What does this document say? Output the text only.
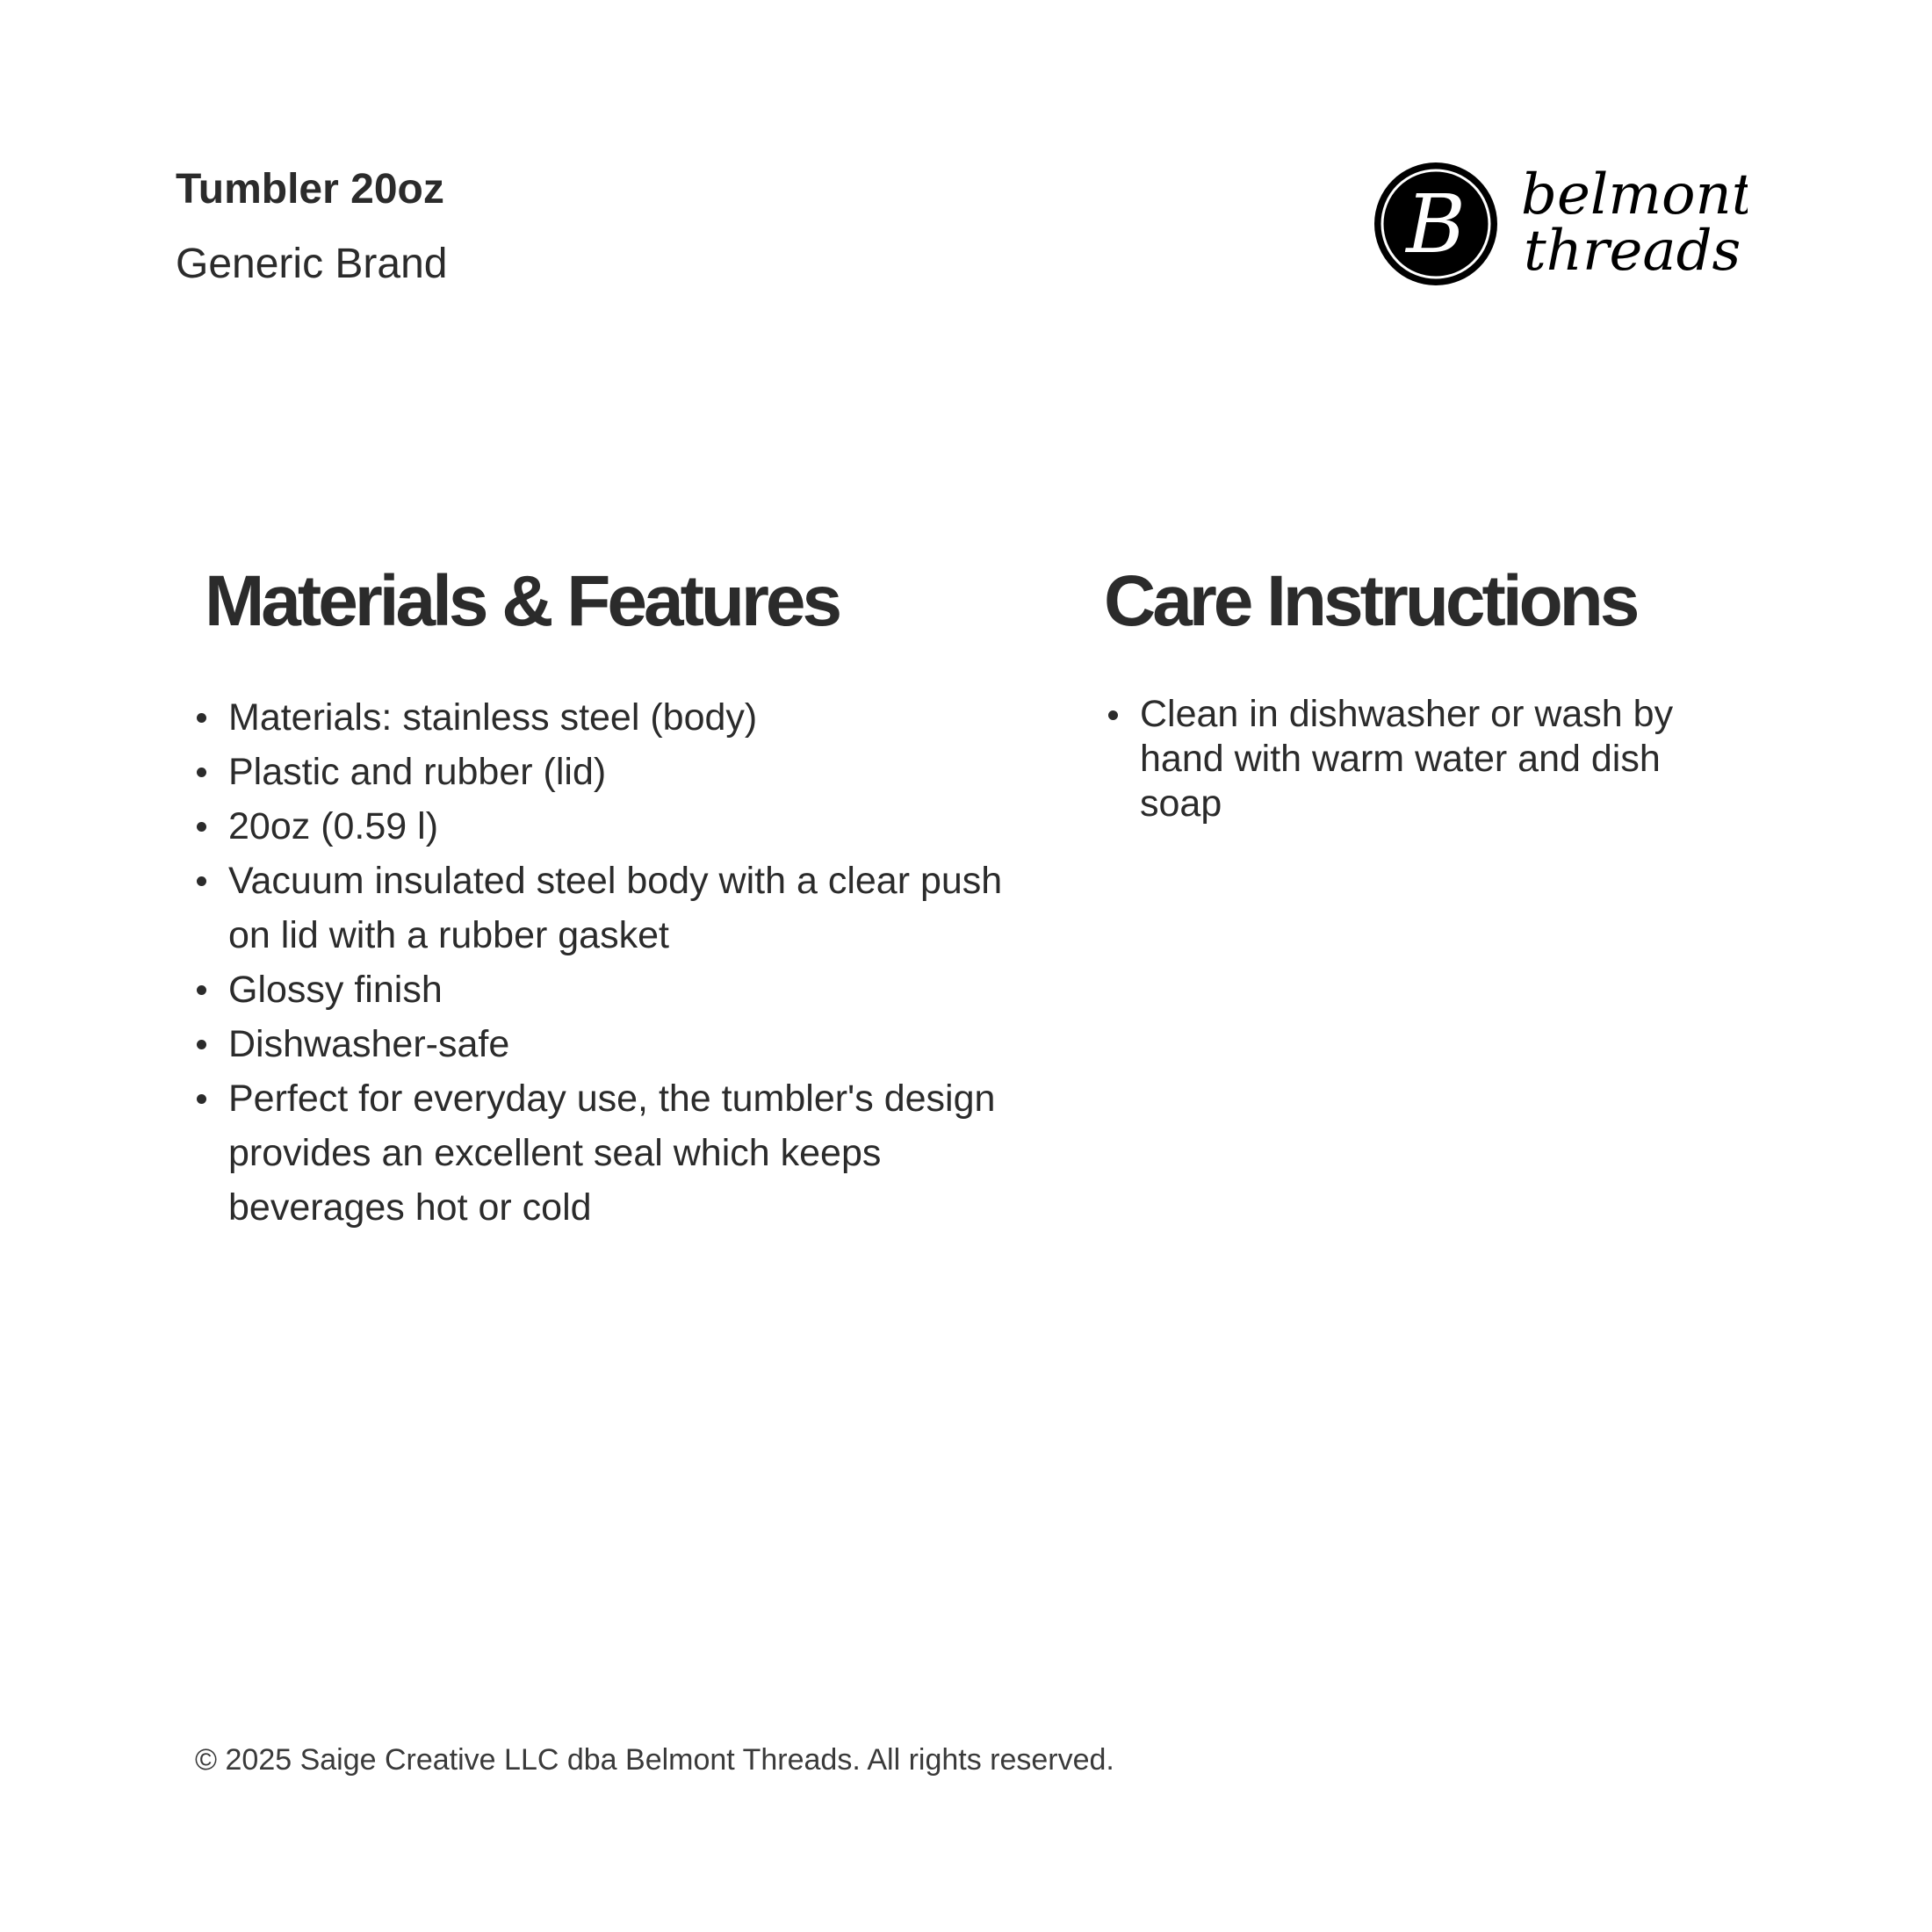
Tumbler 20oz

Generic Brand	B belmont
threads
Materials & Features
Materials: stainless steel (body)
Plastic and rubber (lid)
20oz (0.59 l)
Vacuum insulated steel body with a clear push on lid with a rubber gasket
Glossy finish
Dishwasher-safe
Perfect for everyday use, the tumbler's design provides an excellent seal which keeps beverages hot or cold
Care Instructions
Clean in dishwasher or wash by hand with warm water and dish soap

© 2025 Saige Creative LLC dba Belmont Threads. All rights reserved.
